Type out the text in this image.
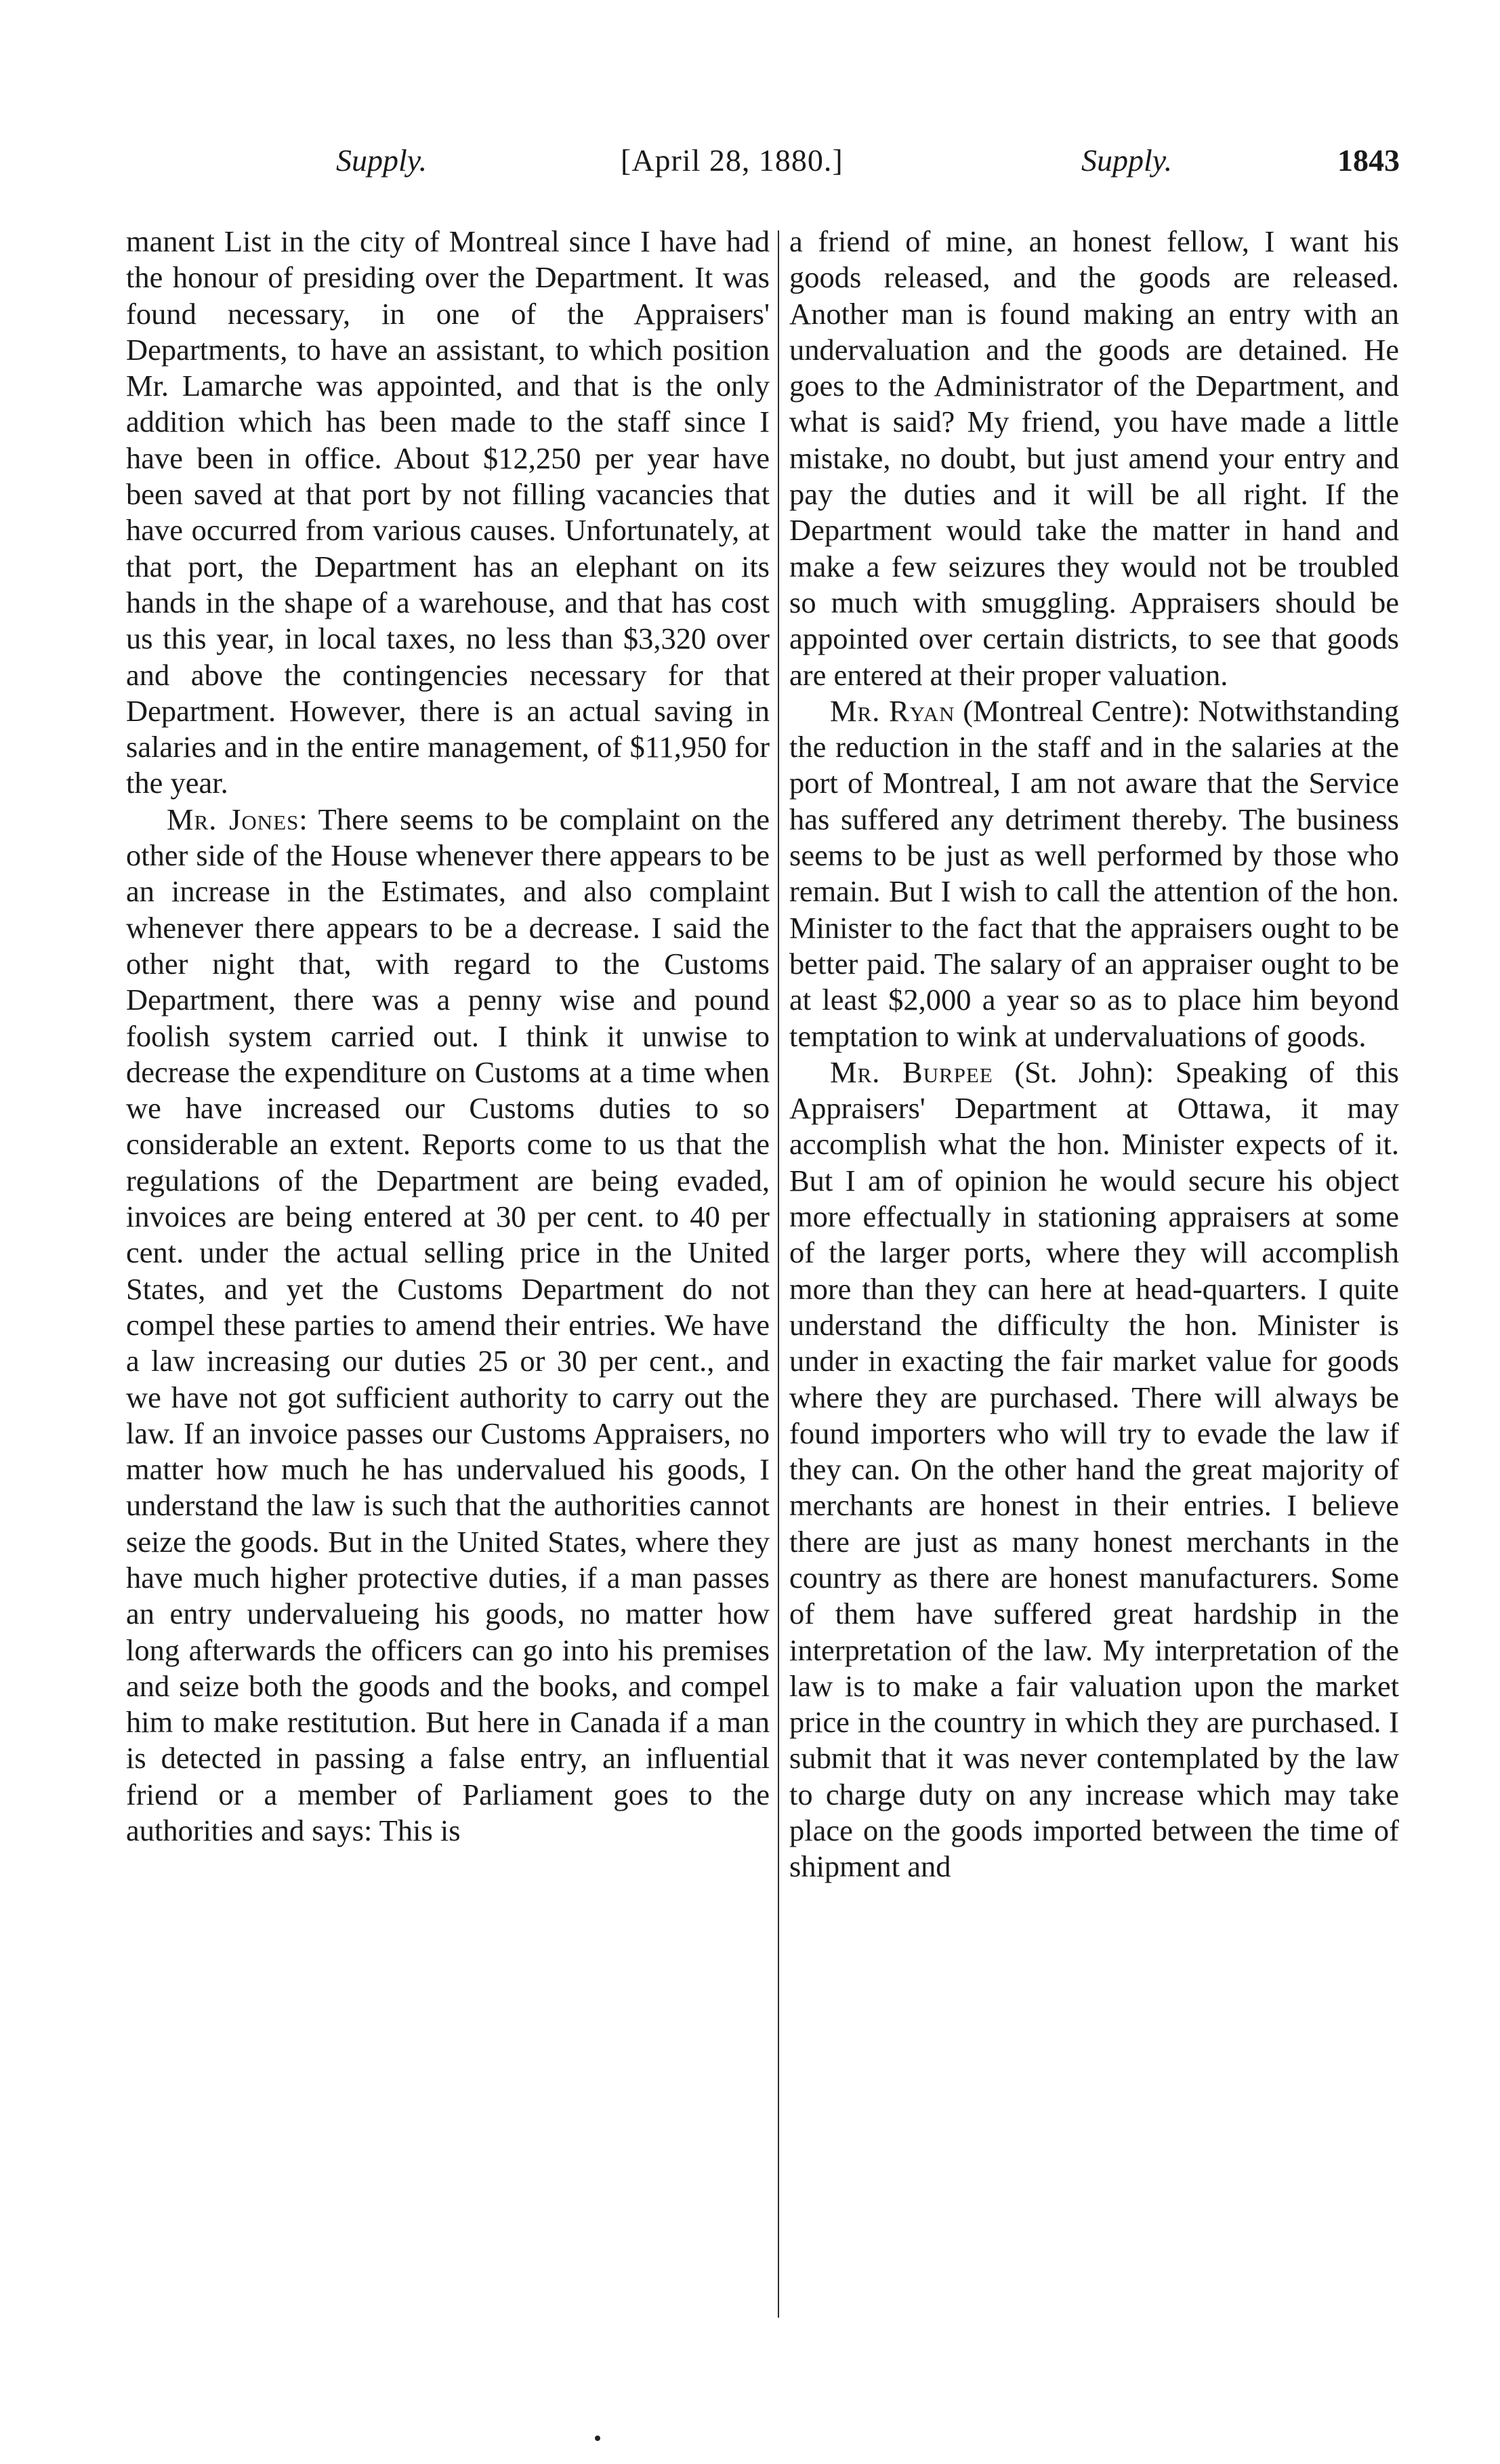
Supply.	[April 28, 1880.]	Supply.	1843

manent List in the city of Montreal since I have had the honour of presiding over the Department. It was found necessary, in one of the Appraisers' Departments, to have an assistant, to which position Mr. Lamarche was appointed, and that is the only addition which has been made to the staff since I have been in office. About $12,250 per year have been saved at that port by not filling vacancies that have occurred from various causes. Unfortunately, at that port, the Department has an elephant on its hands in the shape of a warehouse, and that has cost us this year, in local taxes, no less than $3,320 over and above the contingencies necessary for that Department. However, there is an actual saving in salaries and in the entire management, of $11,950 for the year.

Mr. Jones: There seems to be complaint on the other side of the House whenever there appears to be an increase in the Estimates, and also complaint whenever there appears to be a decrease. I said the other night that, with regard to the Customs Department, there was a penny wise and pound foolish system carried out. I think it unwise to decrease the expenditure on Customs at a time when we have increased our Customs duties to so considerable an extent. Reports come to us that the regulations of the Department are being evaded, invoices are being entered at 30 per cent. to 40 per cent. under the actual selling price in the United States, and yet the Customs Department do not compel these parties to amend their entries. We have a law increasing our duties 25 or 30 per cent., and we have not got sufficient authority to carry out the law. If an invoice passes our Customs Appraisers, no matter how much he has undervalued his goods, I understand the law is such that the authorities cannot seize the goods. But in the United States, where they have much higher protective duties, if a man passes an entry undervalueing his goods, no matter how long afterwards the officers can go into his premises and seize both the goods and the books, and compel him to make restitution. But here in Canada if a man is detected in passing a false entry, an influential friend or a member of Parliament goes to the authorities and says: This is

a friend of mine, an honest fellow, I want his goods released, and the goods are released. Another man is found making an entry with an undervaluation and the goods are detained. He goes to the Administrator of the Department, and what is said? My friend, you have made a little mistake, no doubt, but just amend your entry and pay the duties and it will be all right. If the Department would take the matter in hand and make a few seizures they would not be troubled so much with smuggling. Appraisers should be appointed over certain districts, to see that goods are entered at their proper valuation.

Mr. Ryan (Montreal Centre): Notwithstanding the reduction in the staff and in the salaries at the port of Montreal, I am not aware that the Service has suffered any detriment thereby. The business seems to be just as well performed by those who remain. But I wish to call the attention of the hon. Minister to the fact that the appraisers ought to be better paid. The salary of an appraiser ought to be at least $2,000 a year so as to place him beyond temptation to wink at undervaluations of goods.

Mr. Burpee (St. John): Speaking of this Appraisers' Department at Ottawa, it may accomplish what the hon. Minister expects of it. But I am of opinion he would secure his object more effectually in stationing appraisers at some of the larger ports, where they will accomplish more than they can here at head-quarters. I quite understand the difficulty the hon. Minister is under in exacting the fair market value for goods where they are purchased. There will always be found importers who will try to evade the law if they can. On the other hand the great majority of merchants are honest in their entries. I believe there are just as many honest merchants in the country as there are honest manufacturers. Some of them have suffered great hardship in the interpretation of the law. My interpretation of the law is to make a fair valuation upon the market price in the country in which they are purchased. I submit that it was never contemplated by the law to charge duty on any increase which may take place on the goods imported between the time of shipment and
